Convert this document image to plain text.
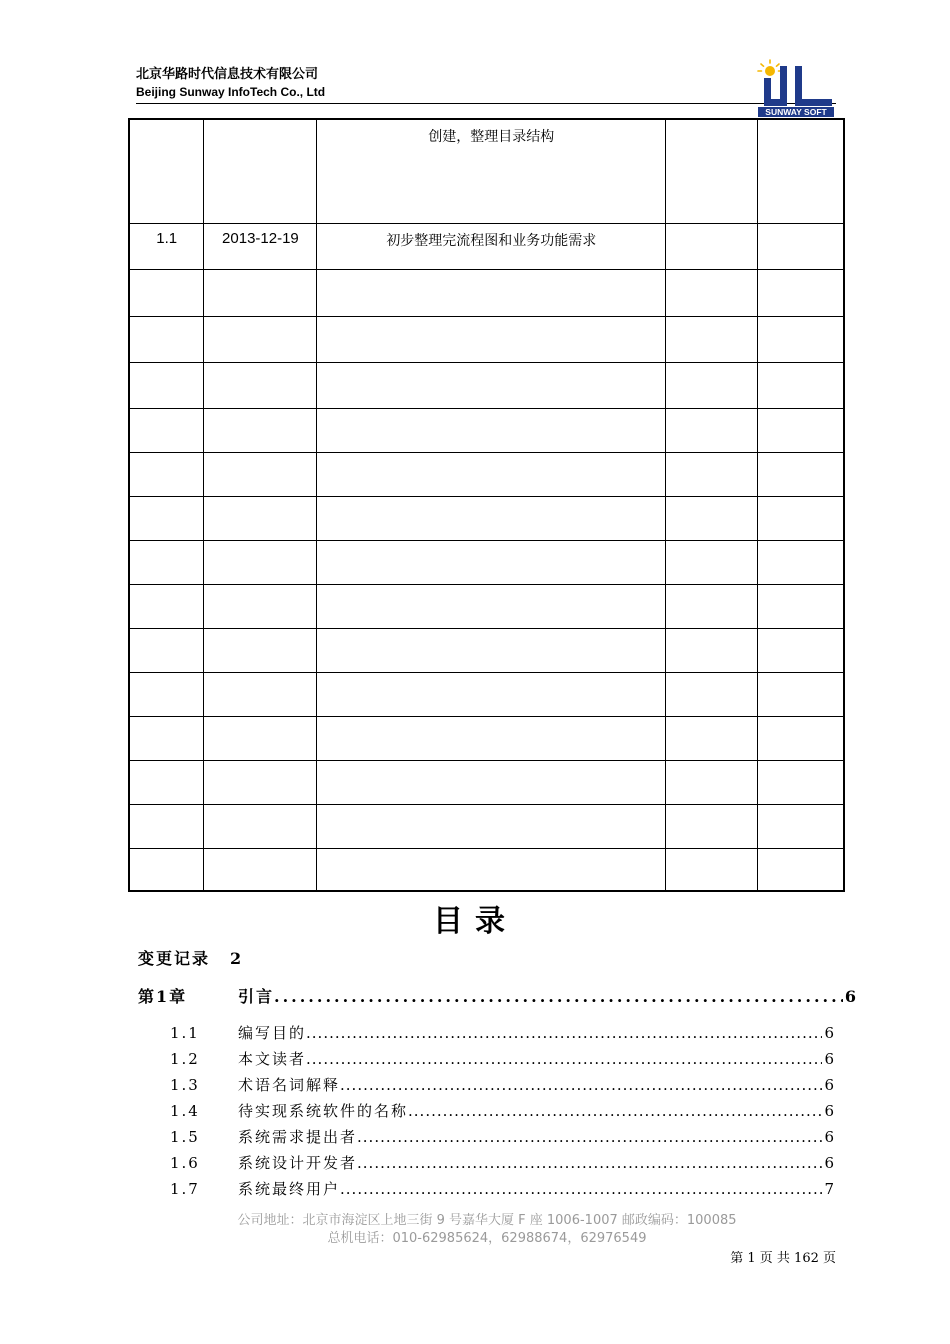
北京华路时代信息技术有限公司
Beijing Sunway InfoTech Co., Ltd
SUNWAY SOFT
		创建，整理目录结构		
1.1	2013-12-19	初步整理完流程图和业务功能需求		

目录
变更记录	2
第1章	引言 .....	6
1.1	编写目的 .....	6
1.2	本文读者 .....	6
1.3	术语名词解释 .....	6
1.4	待实现系统软件的名称 .....	6
1.5	系统需求提出者 .....	6
1.6	系统设计开发者 .....	6
1.7	系统最终用户 .....	7
公司地址：北京市海淀区上地三街 9 号嘉华大厦 F 座 1006-1007 邮政编码：100085
总机电话：010-62985624，62988674，62976549
第 1 页 共 162 页
